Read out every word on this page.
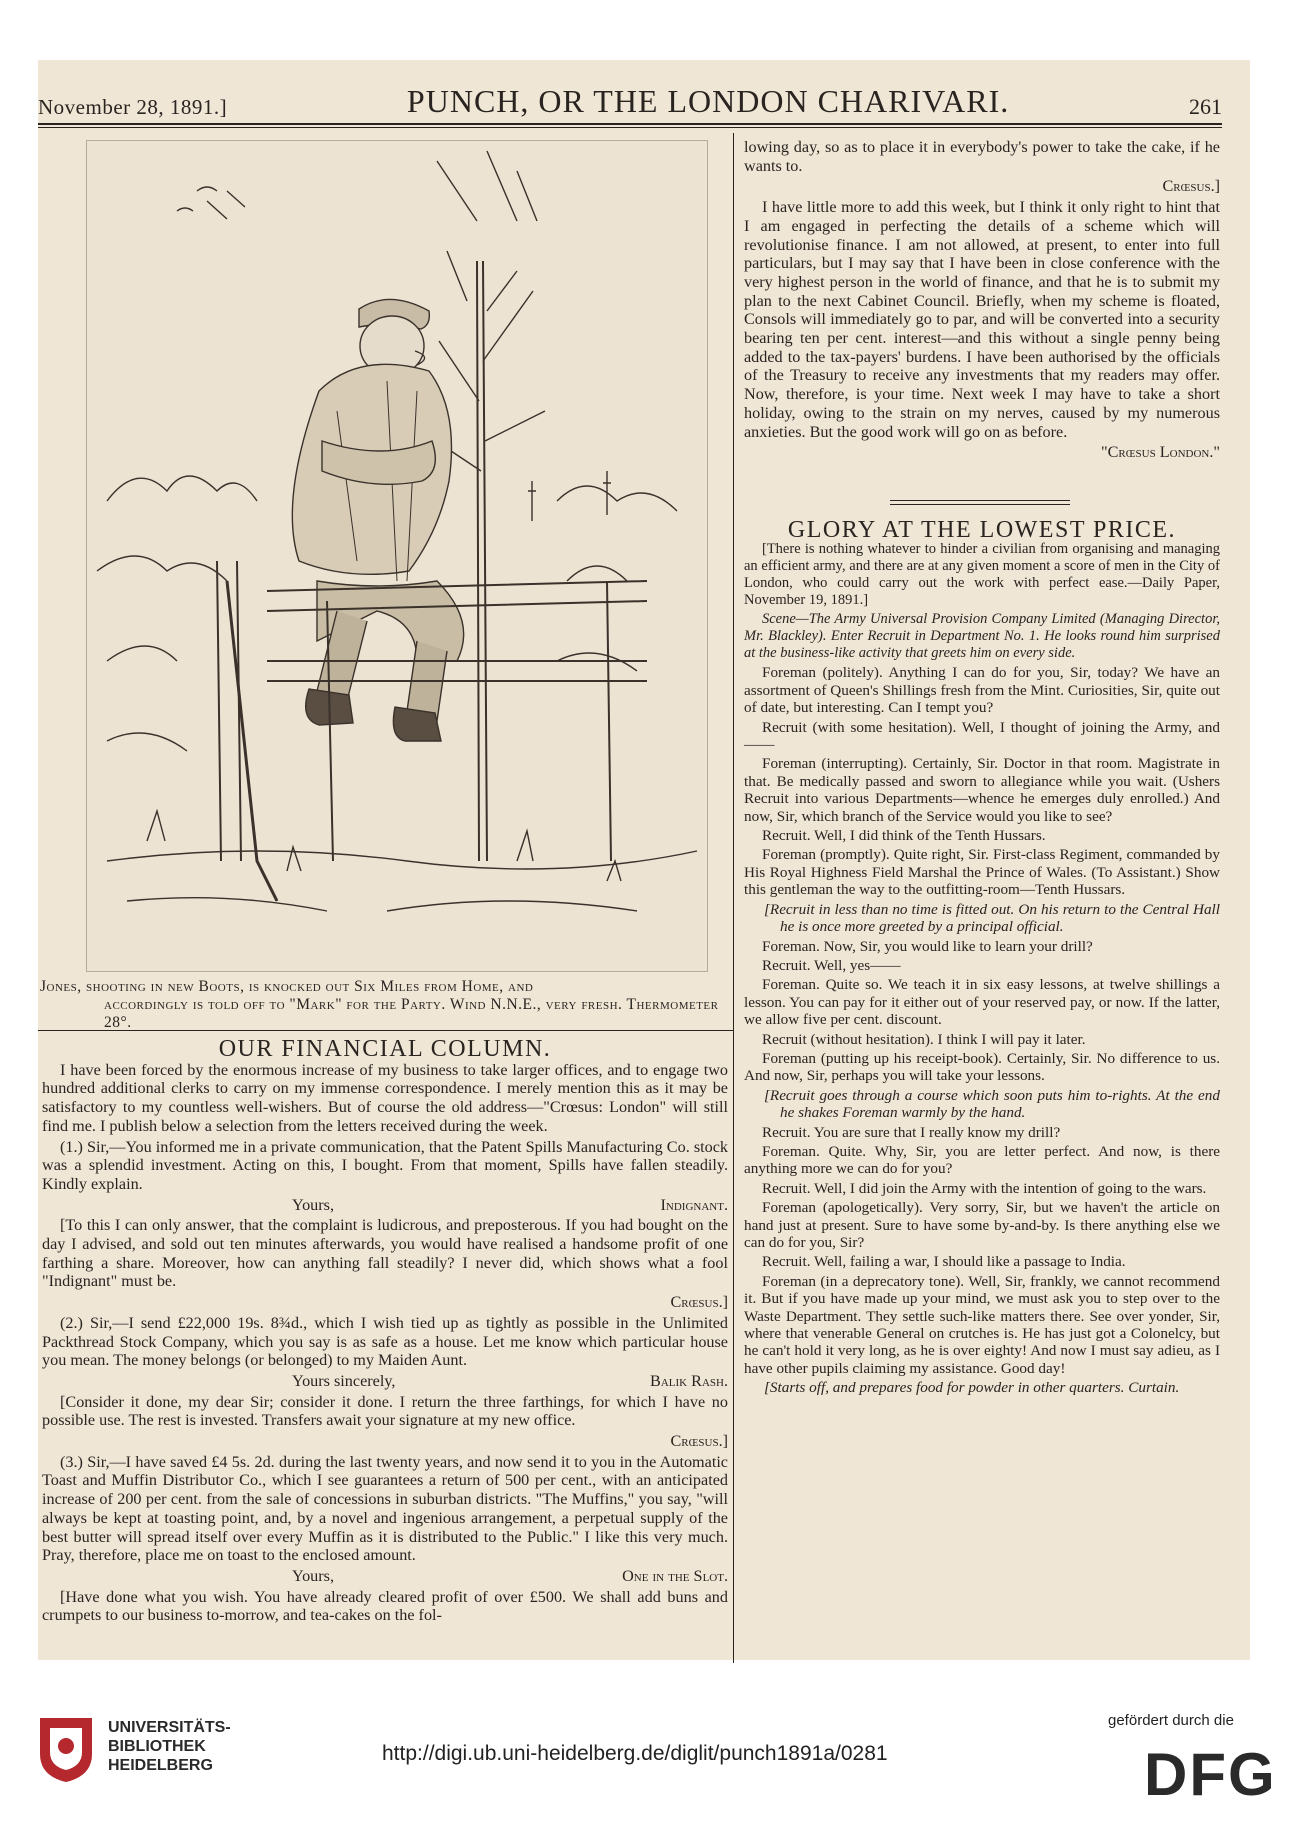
November 28, 1891.]	PUNCH, OR THE LONDON CHARIVARI.	261
Jones, shooting in new Boots, is knocked out Six Miles from Home, and
accordingly is told off to "Mark" for the Party. Wind N.N.E., very fresh. Thermometer 28°.

OUR FINANCIAL COLUMN.

I have been forced by the enormous increase of my business to take larger offices, and to engage two hundred additional clerks to carry on my immense correspondence. I merely mention this as it may be satisfactory to my countless well-wishers. But of course the old address—"Crœsus: London" will still find me. I publish below a selection from the letters received during the week.

(1.) Sir,—You informed me in a private communication, that the Patent Spills Manufacturing Co. stock was a splendid investment. Acting on this, I bought. From that moment, Spills have fallen steadily. Kindly explain.

Yours,	Indignant.

[To this I can only answer, that the complaint is ludicrous, and preposterous. If you had bought on the day I advised, and sold out ten minutes afterwards, you would have realised a handsome profit of one farthing a share. Moreover, how can anything fall steadily? I never did, which shows what a fool "Indignant" must be.

Crœsus.]

(2.) Sir,—I send £22,000 19s. 8¾d., which I wish tied up as tightly as possible in the Unlimited Packthread Stock Company, which you say is as safe as a house. Let me know which particular house you mean. The money belongs (or belonged) to my Maiden Aunt.

Yours sincerely,	Balik Rash.

[Consider it done, my dear Sir; consider it done. I return the three farthings, for which I have no possible use. The rest is invested. Transfers await your signature at my new office.

Crœsus.]

(3.) Sir,—I have saved £4 5s. 2d. during the last twenty years, and now send it to you in the Automatic Toast and Muffin Distributor Co., which I see guarantees a return of 500 per cent., with an anticipated increase of 200 per cent. from the sale of concessions in suburban districts. "The Muffins," you say, "will always be kept at toasting point, and, by a novel and ingenious arrangement, a perpetual supply of the best butter will spread itself over every Muffin as it is distributed to the Public." I like this very much. Pray, therefore, place me on toast to the enclosed amount.

Yours,	One in the Slot.

[Have done what you wish. You have already cleared profit of over £500. We shall add buns and crumpets to our business to-morrow, and tea-cakes on the fol-

lowing day, so as to place it in everybody's power to take the cake, if he wants to.

Crœsus.]

I have little more to add this week, but I think it only right to hint that I am engaged in perfecting the details of a scheme which will revolutionise finance. I am not allowed, at present, to enter into full particulars, but I may say that I have been in close conference with the very highest person in the world of finance, and that he is to submit my plan to the next Cabinet Council. Briefly, when my scheme is floated, Consols will immediately go to par, and will be converted into a security bearing ten per cent. interest—and this without a single penny being added to the tax-payers' burdens. I have been authorised by the officials of the Treasury to receive any investments that my readers may offer. Now, therefore, is your time. Next week I may have to take a short holiday, owing to the strain on my nerves, caused by my numerous anxieties. But the good work will go on as before.

"Crœsus London."

GLORY AT THE LOWEST PRICE.

[There is nothing whatever to hinder a civilian from organising and managing an efficient army, and there are at any given moment a score of men in the City of London, who could carry out the work with perfect ease.—Daily Paper, November 19, 1891.]

Scene—The Army Universal Provision Company Limited (Managing Director, Mr. Blackley). Enter Recruit in Department No. 1. He looks round him surprised at the business-like activity that greets him on every side.

Foreman (politely). Anything I can do for you, Sir, today? We have an assortment of Queen's Shillings fresh from the Mint. Curiosities, Sir, quite out of date, but interesting. Can I tempt you?

Recruit (with some hesitation). Well, I thought of joining the Army, and——

Foreman (interrupting). Certainly, Sir. Doctor in that room. Magistrate in that. Be medically passed and sworn to allegiance while you wait. (Ushers Recruit into various Departments—whence he emerges duly enrolled.) And now, Sir, which branch of the Service would you like to see?

Recruit. Well, I did think of the Tenth Hussars.

Foreman (promptly). Quite right, Sir. First-class Regiment, commanded by His Royal Highness Field Marshal the Prince of Wales. (To Assistant.) Show this gentleman the way to the outfitting-room—Tenth Hussars.

[Recruit in less than no time is fitted out. On his return to the Central Hall he is once more greeted by a principal official.

Foreman. Now, Sir, you would like to learn your drill?

Recruit. Well, yes——

Foreman. Quite so. We teach it in six easy lessons, at twelve shillings a lesson. You can pay for it either out of your reserved pay, or now. If the latter, we allow five per cent. discount.

Recruit (without hesitation). I think I will pay it later.

Foreman (putting up his receipt-book). Certainly, Sir. No difference to us. And now, Sir, perhaps you will take your lessons.

[Recruit goes through a course which soon puts him to-rights. At the end he shakes Foreman warmly by the hand.

Recruit. You are sure that I really know my drill?

Foreman. Quite. Why, Sir, you are letter perfect. And now, is there anything more we can do for you?

Recruit. Well, I did join the Army with the intention of going to the wars.

Foreman (apologetically). Very sorry, Sir, but we haven't the article on hand just at present. Sure to have some by-and-by. Is there anything else we can do for you, Sir?

Recruit. Well, failing a war, I should like a passage to India.

Foreman (in a deprecatory tone). Well, Sir, frankly, we cannot recommend it. But if you have made up your mind, we must ask you to step over to the Waste Department. They settle such-like matters there. See over yonder, Sir, where that venerable General on crutches is. He has just got a Colonelcy, but he can't hold it very long, as he is over eighty! And now I must say adieu, as I have other pupils claiming my assistance. Good day!

[Starts off, and prepares food for powder in other quarters. Curtain.

UNIVERSITÄTS-
BIBLIOTHEK
HEIDELBERG
http://digi.ub.uni-heidelberg.de/diglit/punch1891a/0281
gefördert durch die
DFG
